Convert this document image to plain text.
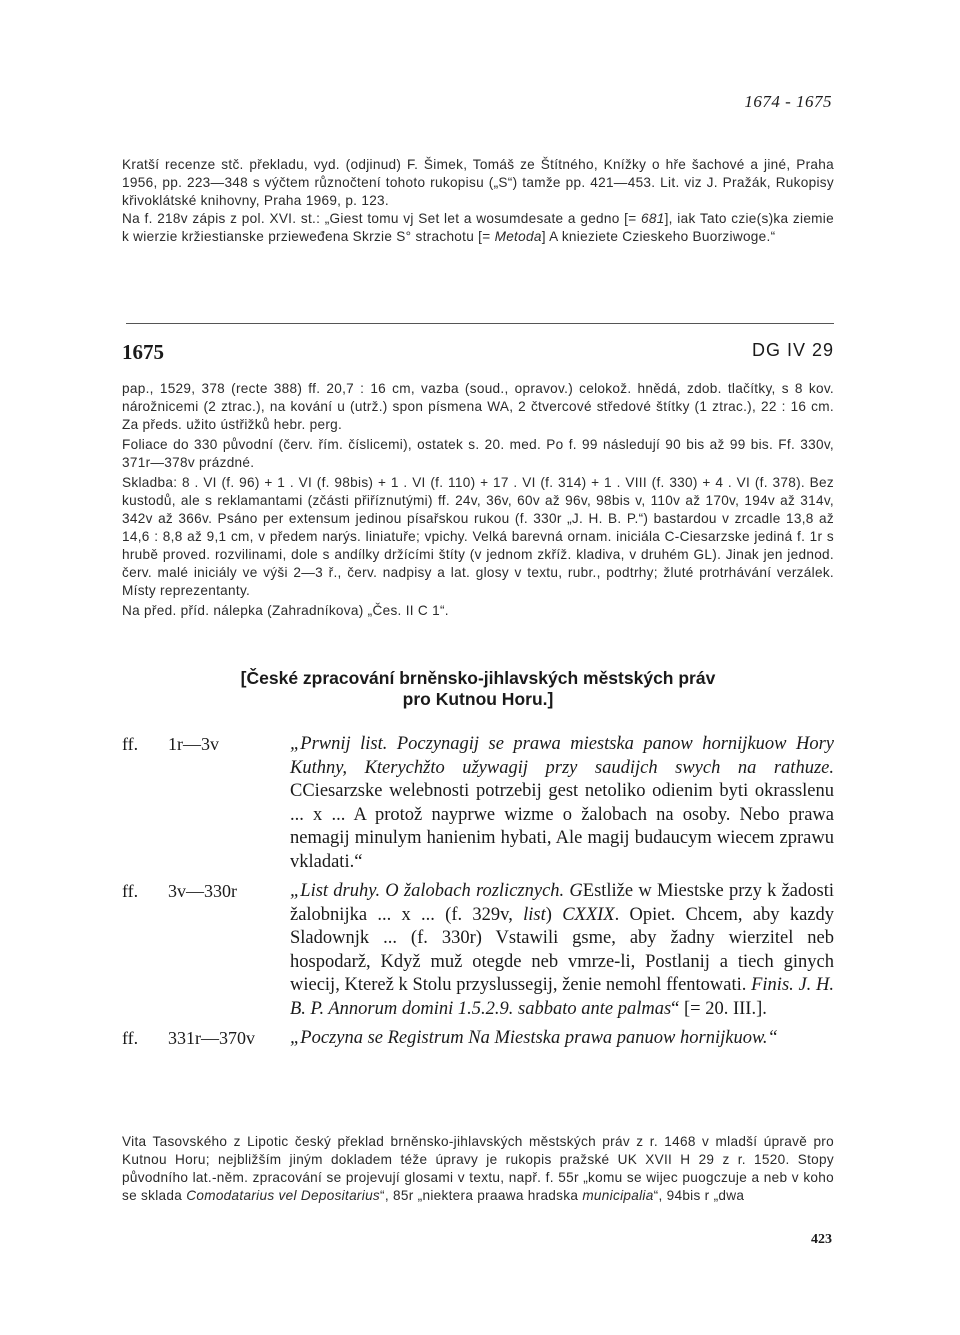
1674 - 1675

Kratší recenze stč. překladu, vyd. (odjinud) F. Šimek, Tomáš ze Štítného, Knížky o hře šachové a jiné, Praha 1956, pp. 223—348 s výčtem různočtení tohoto rukopisu („S“) tamže pp. 421—453. Lit. viz J. Pražák, Rukopisy křivoklátské knihovny, Praha 1969, p. 123.

Na f. 218v zápis z pol. XVI. st.: „Giest tomu vj Set let a wosumdesate a gedno [= 681], iak Tato czie(s)ka ziemie k wierzie kržiestianske przieweđena Skrzie S° strachotu [= Metoda] A knieziete Czieskeho Buorziwoge.“

1675	DG IV 29

pap., 1529, 378 (recte 388) ff. 20,7 : 16 cm, vazba (soud., opravov.) celokož. hnědá, zdob. tlačítky, s 8 kov. nárožnicemi (2 ztrac.), na kování u (utrž.) spon písmena WA, 2 čtvercové středové štítky (1 ztrac.), 22 : 16 cm. Za předs. užito ústřižků hebr. perg.

Foliace do 330 původní (červ. řím. číslicemi), ostatek s. 20. med. Po f. 99 následují 90 bis až 99 bis. Ff. 330v, 371r—378v prázdné.

Skladba: 8 . VI (f. 96) + 1 . VI (f. 98bis) + 1 . VI (f. 110) + 17 . VI (f. 314) + 1 . VIII (f. 330) + 4 . VI (f. 378). Bez kustodů, ale s reklamantami (zčásti přiříznutými) ff. 24v, 36v, 60v až 96v, 98bis v, 110v až 170v, 194v až 314v, 342v až 366v. Psáno per extensum jedinou písařskou rukou (f. 330r „J. H. B. P.“) bastardou v zrcadle 13,8 až 14,6 : 8,8 až 9,1 cm, v předem narýs. liniatuře; vpichy. Velká barevná ornam. iniciála C-Ciesarzske jediná f. 1r s hrubě proved. rozvilinami, dole s andílky držícími štíty (v jednom zkříž. kladiva, v druhém GL). Jinak jen jednod. červ. malé iniciály ve výši 2—3 ř., červ. nadpisy a lat. glosy v textu, rubr., podtrhy; žluté protrhávání verzálek. Místy reprezentanty.

Na před. příd. nálepka (Zahradníkova) „Čes. II C 1“.

[České zpracování brněnsko-jihlavských městských práv
pro Kutnou Horu.]
ff.	1r—3v	„Prwnij list. Poczynagij se prawa miestska panow hornijkuow Hory Kuthny, Kterychžto užywagij przy saudijch swych na rathuze. CCiesarzske welebnosti potrzebij gest netoliko odienim byti okrasslenu ... x ... A protož nayprwe wizme o žalobach na osoby. Nebo prawa nemagij minulym hanienim hybati, Ale magij budaucym wiecem zprawu vkladati.“
ff.	3v—330r	„List druhy. O žalobach rozlicznych. GEstliže w Miestske przy k žadosti žalobnijka ... x ... (f. 329v, list) CXXIX. Opiet. Chcem, aby kazdy Sladownjk ... (f. 330r) Vstawili gsme, aby žadny wierzitel neb hospodarž, Když muž otegde neb vmrze-li, Postlanij a tiech ginych wiecij, Kterež k Stolu przyslussegij, ženie nemohl ffentowati. Finis. J. H. B. P. Annorum domini 1.5.2.9. sabbato ante palmas“ [= 20. III.].
ff.	331r—370v	„Poczyna se Registrum Na Miestska prawa panuow hornijkuow.“

Vita Tasovského z Lipotic český překlad brněnsko-jihlavských městských práv z r. 1468 v mladší úpravě pro Kutnou Horu; nejbližším jiným dokladem téže úpravy je rukopis pražské UK XVII H 29 z r. 1520. Stopy původního lat.-něm. zpracování se projevují glosami v textu, např. f. 55r „komu se wijec puogczuje a neb v koho se sklada Comodatarius vel Depositarius“, 85r „niektera praawa hradska municipalia“, 94bis r „dwa

423
